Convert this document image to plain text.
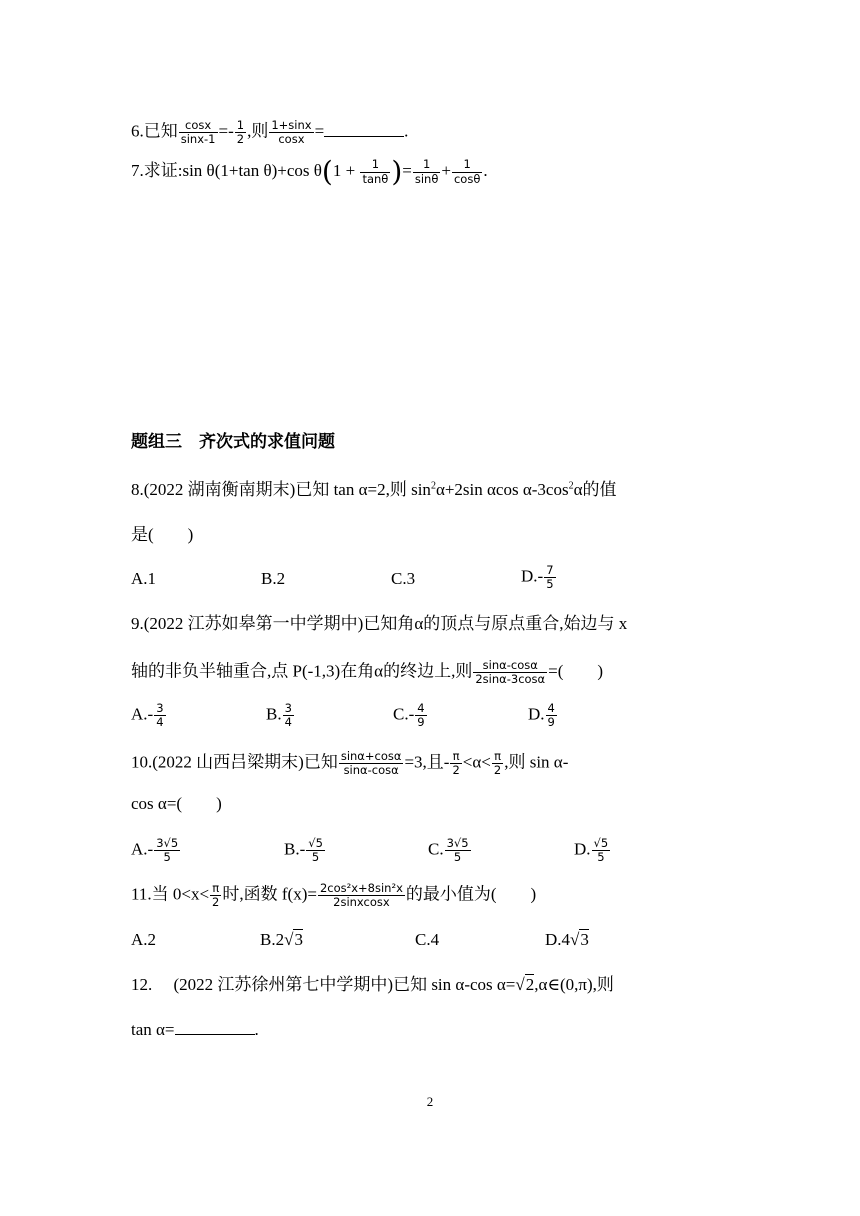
6.已知 $\frac{\cos x}{\sin x-1} =- \frac{1}{2}$ ,则 $\frac{1+\sin x}{\cos x}$ =	.
7.求证:sin θ(1+tan θ)+cos $\theta(1 + \frac{1}{\tan\theta}$ )= $\frac{1}{\sin\theta} + \frac{1}{\cos\theta}$ .
题组三　齐次式的求值问题
8.(2022 湖南衡南期末)已知 tan α=2,则 $\sin^2\alpha+2\sin$ αcos $\alpha-3\cos^2\alpha$的值
是(　　)
A.1	B.2	C.3	$D.- \frac{7}{5}$
9.(2022 江苏如皋第一中学期中)已知角α的顶点与原点重合,始边与 x
轴的非负半轴重合,点 P(-1,3)在角α的终边上,则 $\frac{\sin\alpha-\cos\alpha}{2\sin\alpha-3\cos\alpha}$ =(　　)
$A.- \frac{3}{4}$	B. $\frac{3}{4}$	$C.- \frac{4}{9}$	D. $\frac{4}{9}$
10.(2022 山西吕梁期末)已知 $\frac{\sin\alpha+\cos\alpha}{\sin\alpha-\cos\alpha} =3$,且- $\frac{\pi}{2} <\alpha< \frac{\pi}{2}$ ,则 sin α-
cos α=(　　)
$A.- \frac{3√5}{5}$	$B.- \frac{√5}{5}$	C. $\frac{3√5}{5}$	D. $\frac{√5}{5}$
11.当 $0<x< \frac{\pi}{2}$ 时,函数 $f(x)= \frac{\text{2cos²x+8sin²x}}{\text{2sinxcosx}}$ 的最小值为(　　)
A.2	B.2√3	C.4	D.4√3
12.　 (2022 江苏徐州第七中学期中)已知 sin α-cos α=√2,α∈(0,π),则
tan α=	.
2
